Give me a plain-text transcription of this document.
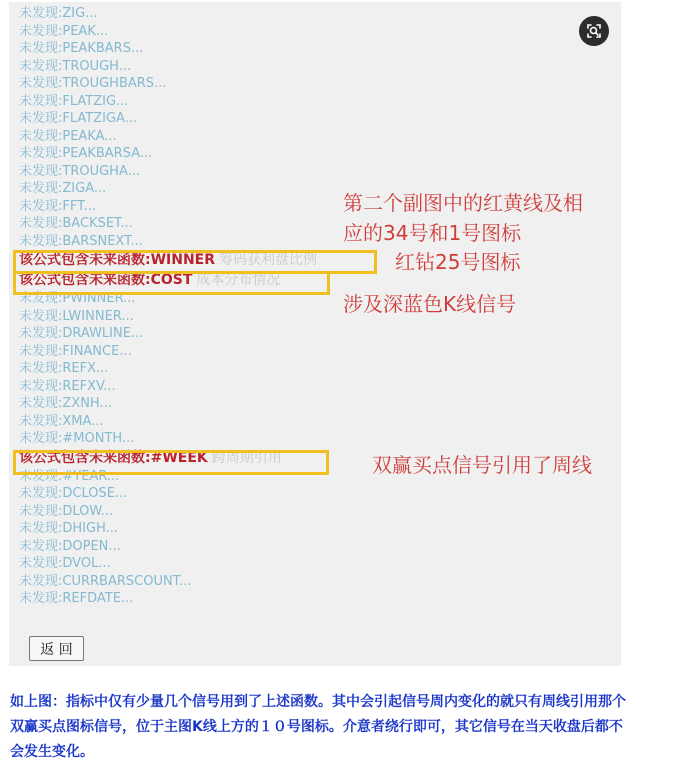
未发现:ZIG...
未发现:PEAK...
未发现:PEAKBARS...
未发现:TROUGH...
未发现:TROUGHBARS...
未发现:FLATZIG...
未发现:FLATZIGA...
未发现:PEAKA...
未发现:PEAKBARSA...
未发现:TROUGHA...
未发现:ZIGA...
未发现:FFT...
未发现:BACKSET...
未发现:BARSNEXT...
该公式包含未来函数:WINNER 筹码获利盘比例
该公式包含未来函数:COST 成本分布情况
未发现:PWINNER...
未发现:LWINNER...
未发现:DRAWLINE...
未发现:FINANCE...
未发现:REFX...
未发现:REFXV...
未发现:ZXNH...
未发现:XMA...
未发现:#MONTH...
该公式包含未来函数:#WEEK 跨周期引用
未发现:#YEAR...
未发现:DCLOSE...
未发现:DLOW...
未发现:DHIGH...
未发现:DOPEN...
未发现:DVOL...
未发现:CURRBARSCOUNT...
未发现:REFDATE...
返 回
第二个副图中的红黄线及相
应的34号和1号图标
红钻25号图标
涉及深蓝色K线信号
双赢买点信号引用了周线
如上图：指标中仅有少量几个信号用到了上述函数。其中会引起信号周内变化的就只有周线引用那个
双赢买点图标信号，位于主图K线上方的１０号图标。介意者绕行即可，其它信号在当天收盘后都不
会发生变化。
